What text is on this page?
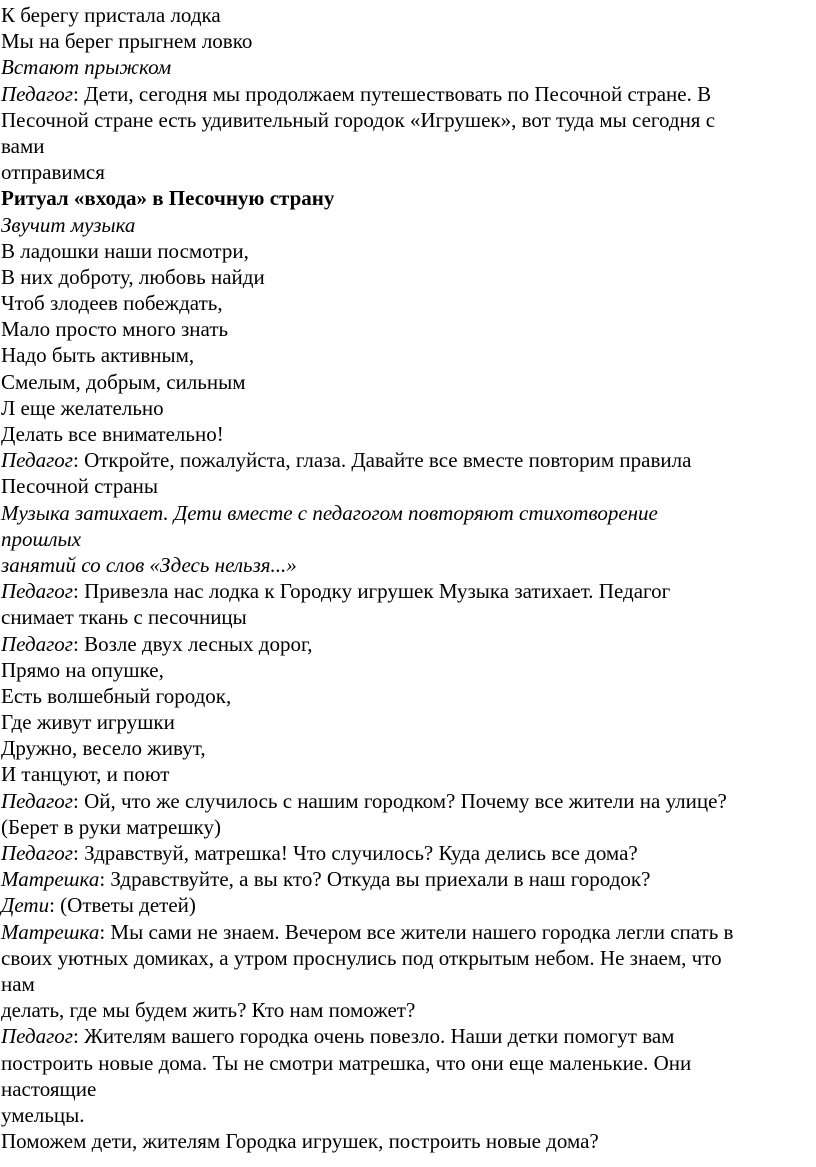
К берегу пристала лодка
Мы на берег прыгнем ловко
Встают прыжком
Педагог: Дети, сегодня мы продолжаем путешествовать по Песочной стране. В
Песочной стране есть удивительный городок «Игрушек», вот туда мы сегодня с
вами
отправимся
Ритуал «входа» в Песочную страну
Звучит музыка
В ладошки наши посмотри,
В них доброту, любовь найди
Чтоб злодеев побеждать,
Мало просто много знать
Надо быть активным,
Смелым, добрым, сильным
Л еще желательно
Делать все внимательно!
Педагог: Откройте, пожалуйста, глаза. Давайте все вместе повторим правила
Песочной страны
Музыка затихает. Дети вместе с педагогом повторяют стихотворение
прошлых
занятий со слов «Здесь нельзя...»
Педагог: Привезла нас лодка к Городку игрушек Музыка затихает. Педагог
снимает ткань с песочницы
Педагог: Возле двух лесных дорог,
Прямо на опушке,
Есть волшебный городок,
Где живут игрушки
Дружно, весело живут,
И танцуют, и поют
Педагог: Ой, что же случилось с нашим городком? Почему все жители на улице?
(Берет в руки матрешку)
Педагог: Здравствуй, матрешка! Что случилось? Куда делись все дома?
Матрешка: Здравствуйте, а вы кто? Откуда вы приехали в наш городок?
Дети: (Ответы детей)
Матрешка: Мы сами не знаем. Вечером все жители нашего городка легли спать в
своих уютных домиках, а утром проснулись под открытым небом. Не знаем, что
нам
делать, где мы будем жить? Кто нам поможет?
Педагог: Жителям вашего городка очень повезло. Наши детки помогут вам
построить новые дома. Ты не смотри матрешка, что они еще маленькие. Они
настоящие
умельцы.
Поможем дети, жителям Городка игрушек, построить новые дома?
